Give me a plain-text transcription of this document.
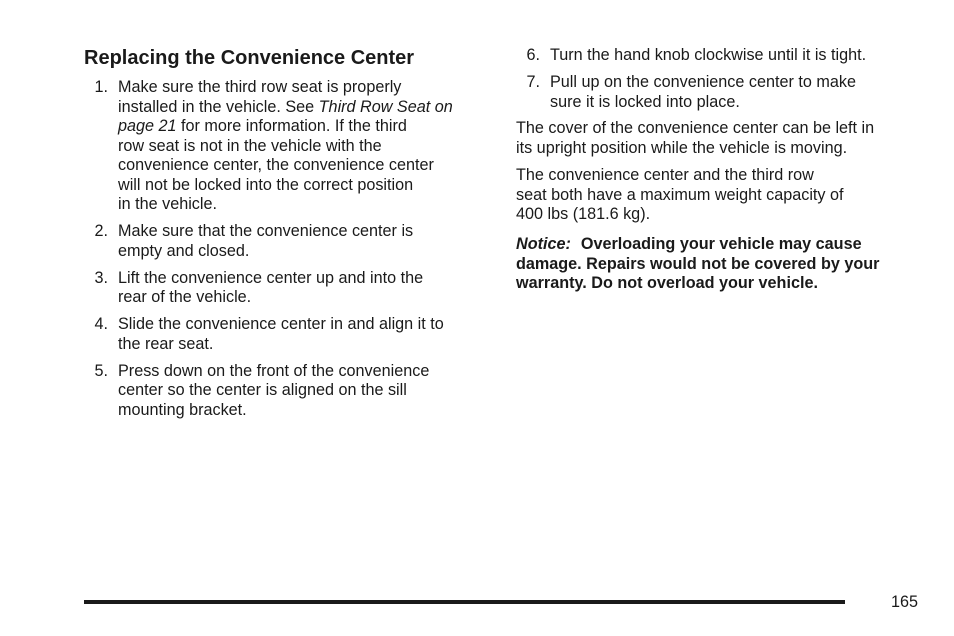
Replacing the Convenience Center
1. Make sure the third row seat is properly
installed in the vehicle. See Third Row Seat on
page 21 for more information. If the third
row seat is not in the vehicle with the
convenience center, the convenience center
will not be locked into the correct position
in the vehicle.
2. Make sure that the convenience center is
empty and closed.
3. Lift the convenience center up and into the
rear of the vehicle.
4. Slide the convenience center in and align it to
the rear seat.
5. Press down on the front of the convenience
center so the center is aligned on the sill
mounting bracket.
6. Turn the hand knob clockwise until it is tight.
7. Pull up on the convenience center to make
sure it is locked into place.

The cover of the convenience center can be left in
its upright position while the vehicle is moving.

The convenience center and the third row
seat both have a maximum weight capacity of
400 lbs (181.6 kg).

Notice: Overloading your vehicle may cause
damage. Repairs would not be covered by your
warranty. Do not overload your vehicle.

165
